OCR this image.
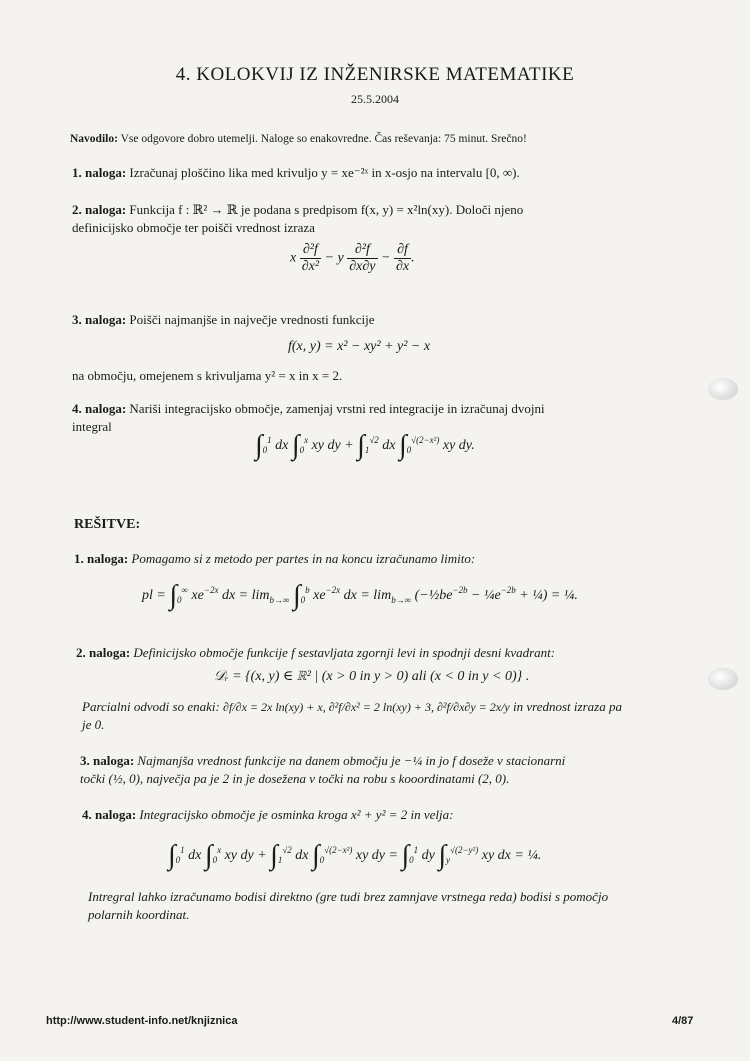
4. KOLOKVIJ IZ INŽENIRSKE MATEMATIKE
25.5.2004
Navodilo: Vse odgovore dobro utemelji. Naloge so enakovredne. Čas reševanja: 75 minut. Srečno!
1. naloga: Izračunaj ploščino lika med krivuljo y = xe⁻²ˣ in x-osjo na intervalu [0, ∞).
2. naloga: Funkcija f : ℝ² → ℝ je podana s predpisom f(x, y) = x²ln(xy). Določi njeno
definicijsko območje ter poišči vrednost izraza
x $\frac{\text{∂²f}}{\text{∂x²}} - y \frac{\text{∂²f}}{\partial x\partial y} - \frac{\partial f}{\partial x}$ .
3. naloga: Poišči najmanjše in največje vrednosti funkcije
f(x, y) = x² − xy² + y² − x
na območju, omejenem s krivuljama y² = x in x = 2.
4. naloga: Nariši integracijsko območje, zamenjaj vrstni red integracije in izračunaj dvojni
integral
$\int_0^1$ dx $\int_0^x$ xy dy + $\int_1^{√2}$ dx $\int_0^{√(2-x^2)}$ xy dy.
REŠITVE:
1. naloga: Pomagamo si z metodo per partes in na koncu izračunamo limito:
pl = $\int_0^\infty$ $xe^{-2x}$ dx = $\lim_{b\to\infty} \int_0^b$ $xe^{-2x}$ dx = $\lim_{b\to\infty}$ ($-\frac{1}{2}be^{-2b}$ − $\frac{1}{4}e^{-2b}$ + ¼) = ¼.
2. naloga: Definicijsko območje funkcije f sestavljata zgornji levi in spodnji desni kvadrant:
𝒟ᵣ = {(x, y) ∈ ℝ² | (x > 0 in y > 0) ali (x < 0 in y < 0)} .
Parcialni odvodi so enaki: ∂f/∂x = 2x ln(xy) + x, ∂²f/∂x² = 2 ln(xy) + 3, ∂²f/∂x∂y = 2x/y in vrednost izraza pa
je 0.
3. naloga: Najmanjša vrednost funkcije na danem območju je −¼ in jo f doseže v stacionarni
točki (½, 0), največja pa je 2 in je dosežena v točki na robu s kooordinatami (2, 0).
4. naloga: Integracijsko območje je osminka kroga x² + y² = 2 in velja:
$\int_0^1$ dx $\int_0^x$ xy dy + $\int_1^{√2}$ dx $\int_0^{√(2-x^2)}$ xy dy = $\int_0^1$ dy $\int_y^{√(2-y^2)}$ xy dx = ¼.
Intregral lahko izračunamo bodisi direktno (gre tudi brez zamnjave vrstnega reda) bodisi s pomočjo
polarnih koordinat.
http://www.student-info.net/knjiznica	4/87
